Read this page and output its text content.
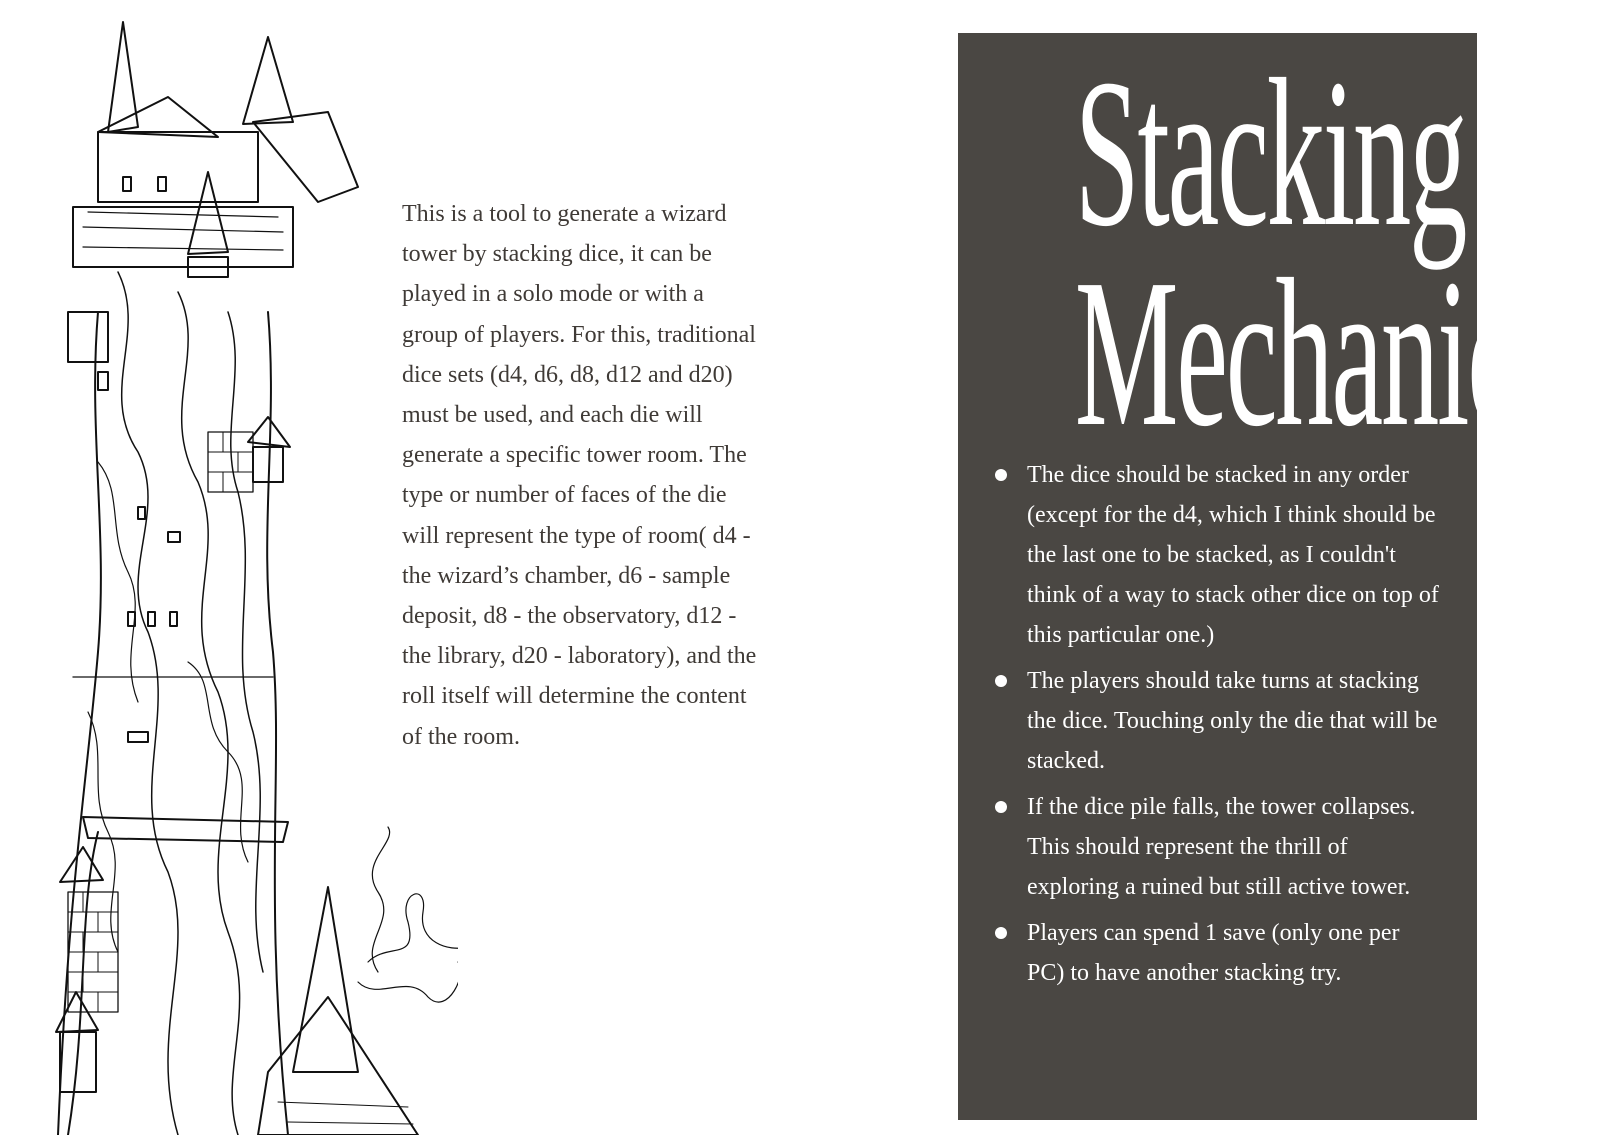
This is a tool to generate a wizard tower by stacking dice, it can be played in a solo mode or with a group of players. For this, traditional dice sets (d4, d6, d8, d12 and d20) must be used, and each die will generate a specific tower room. The type or number of faces of the die will represent the type of room( d4 - the wizard’s chamber, d6 - sample deposit, d8 - the observatory, d12 - the library, d20 - laboratory), and the roll itself will determine the content of the room.

Stacking
Mechanic
The dice should be stacked in any order (except for the d4, which I think should be the last one to be stacked, as I couldn't think of a way to stack other dice on top of this particular one.)
The players should take turns at stacking the dice. Touching only the die that will be stacked.
If the dice pile falls, the tower collapses. This should represent the thrill of exploring a ruined but still active tower.
Players can spend 1 save (only one per PC) to have another stacking try.
